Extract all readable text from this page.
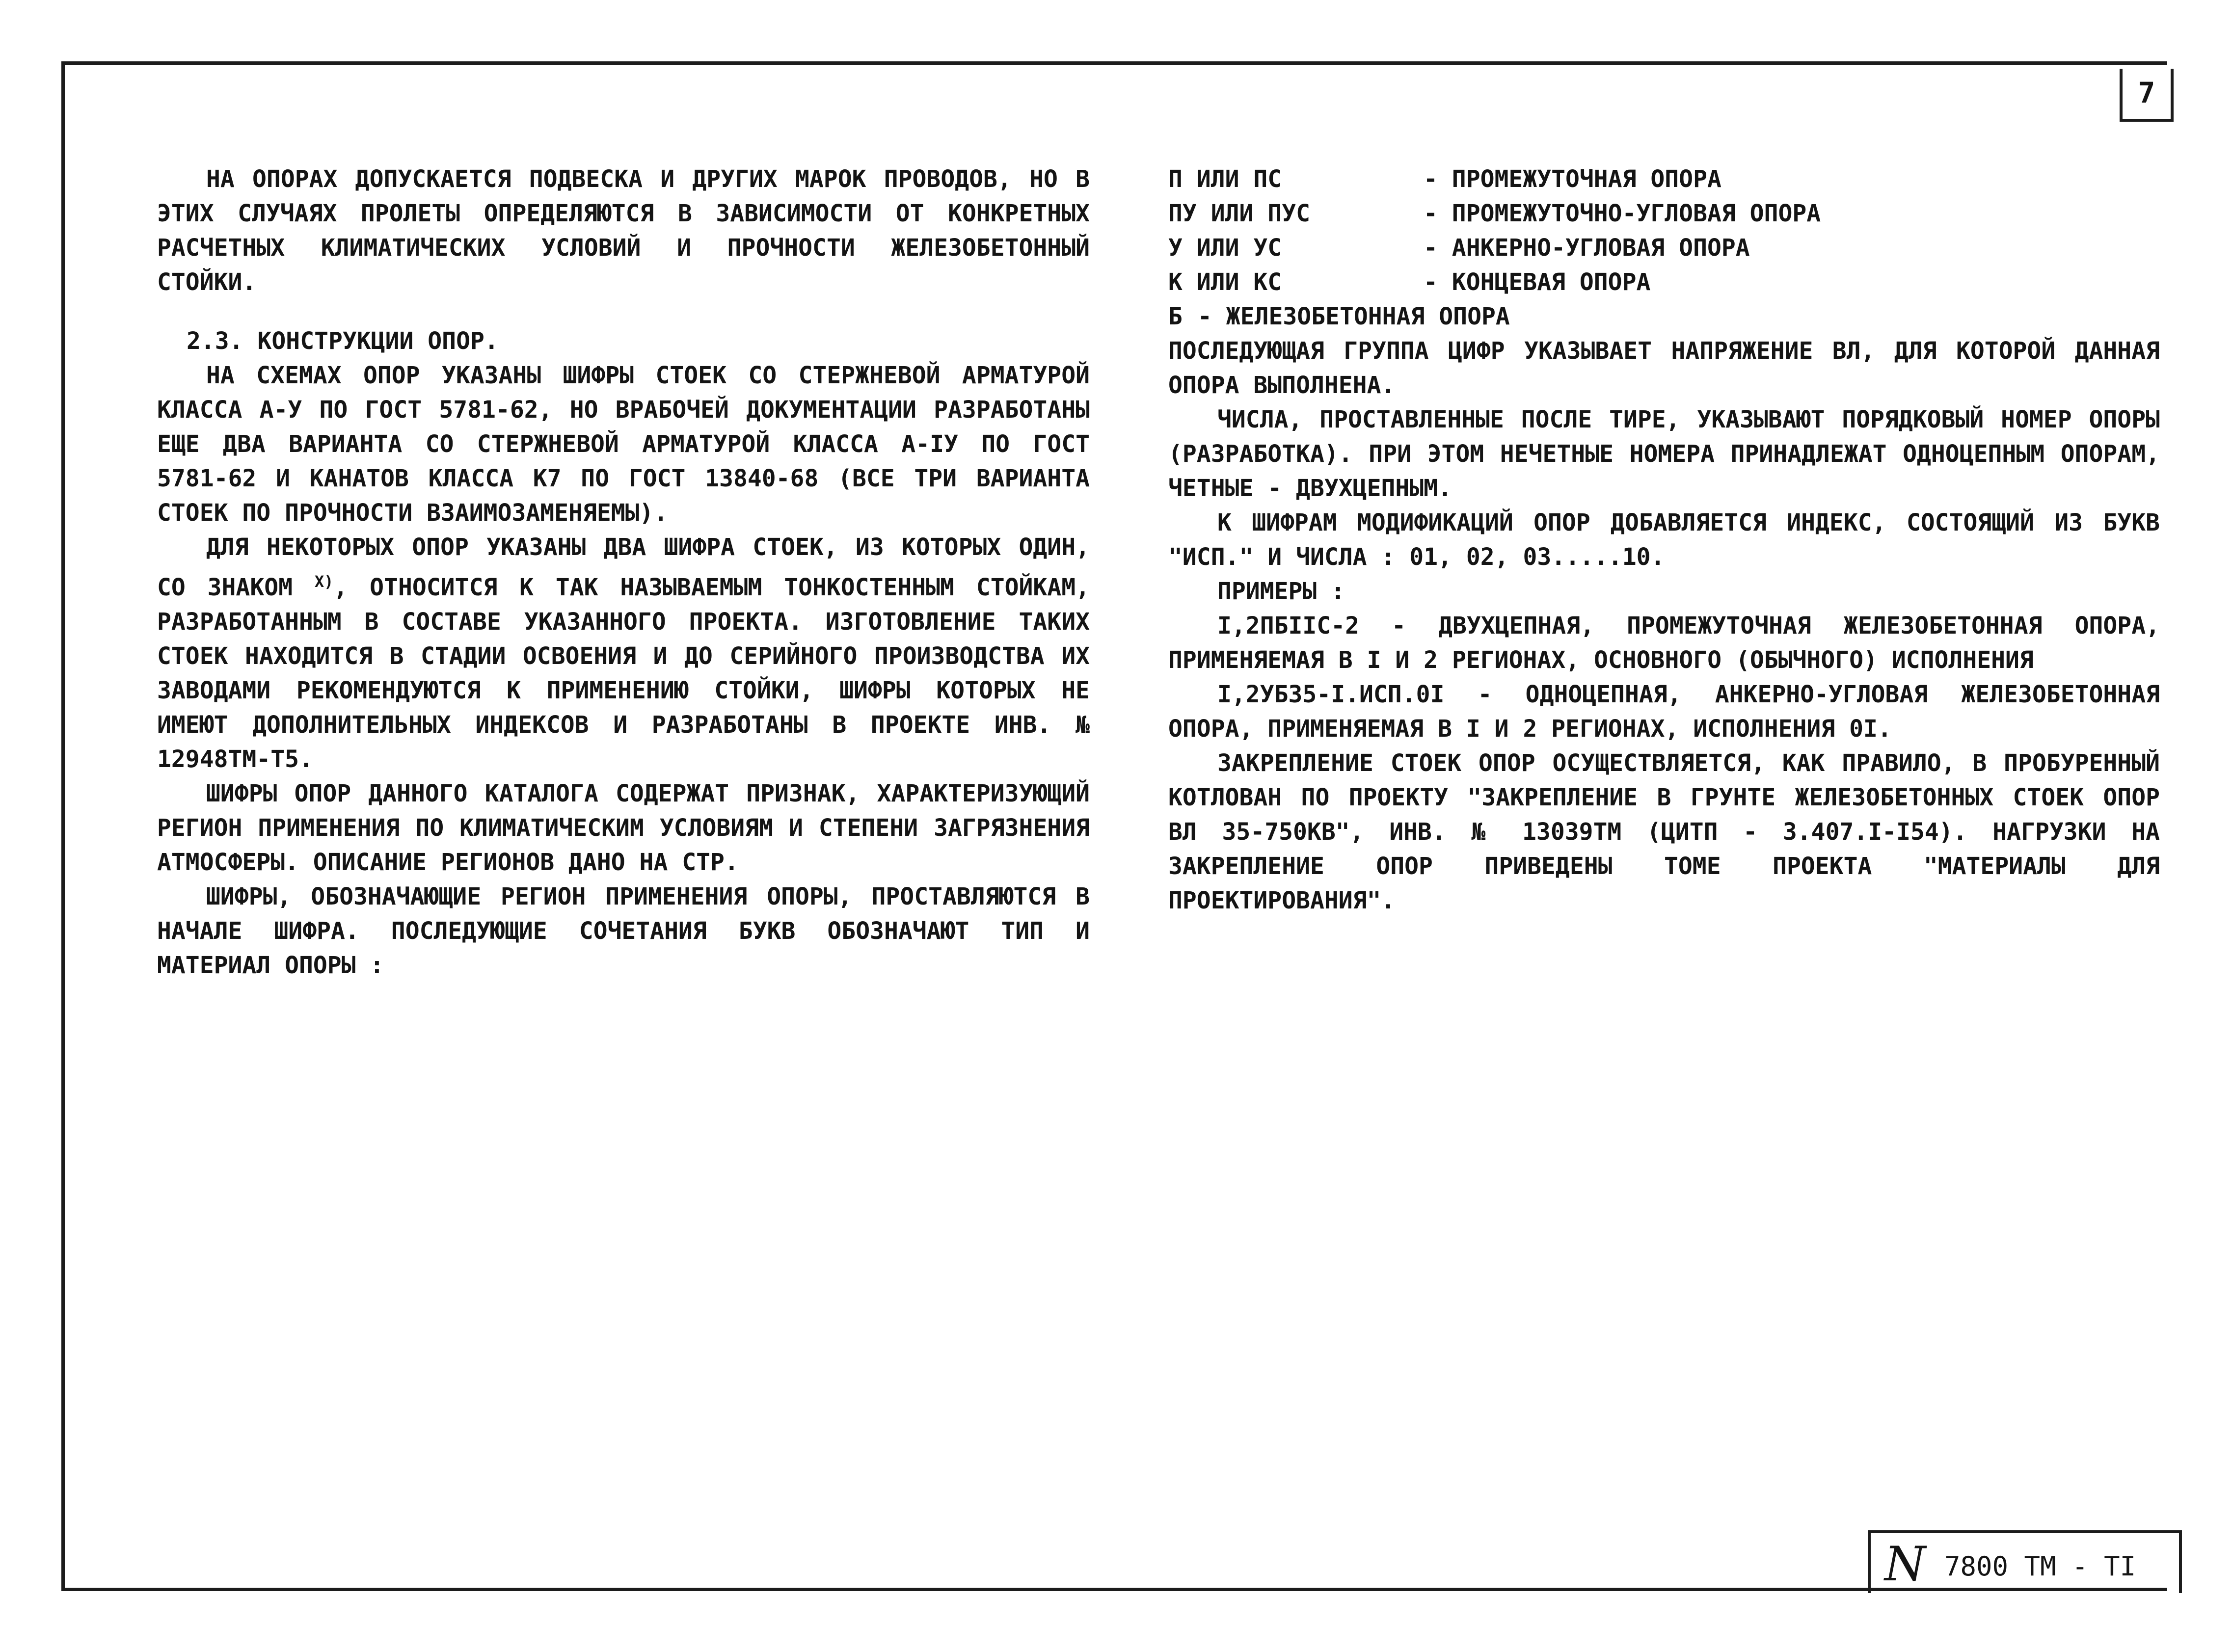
7

НА ОПОРАХ ДОПУСКАЕТСЯ ПОДВЕСКА И ДРУГИХ МАРОК ПРОВОДОВ, НО В ЭТИХ СЛУЧАЯХ ПРОЛЕТЫ ОПРЕДЕЛЯЮТСЯ В ЗАВИСИМОСТИ ОТ КОНКРЕТНЫХ РАСЧЕТНЫХ КЛИМАТИЧЕСКИХ УСЛОВИЙ И ПРОЧНОСТИ ЖЕЛЕЗОБЕТОННЫЙ СТОЙКИ.

2.3. КОНСТРУКЦИИ ОПОР.

НА СХЕМАХ ОПОР УКАЗАНЫ ШИФРЫ СТОЕК СО СТЕРЖНЕВОЙ АРМАТУРОЙ КЛАССА А-У ПО ГОСТ 5781-62, НО ВРАБОЧЕЙ ДОКУМЕНТАЦИИ РАЗРАБОТАНЫ ЕЩЕ ДВА ВАРИАНТА СО СТЕРЖНЕВОЙ АРМАТУРОЙ КЛАССА А-IУ ПО ГОСТ 5781-62 И КАНАТОВ КЛАССА К7 ПО ГОСТ 13840-68 (ВСЕ ТРИ ВАРИАНТА СТОЕК ПО ПРОЧНОСТИ ВЗАИМОЗАМЕНЯЕМЫ).

ДЛЯ НЕКОТОРЫХ ОПОР УКАЗАНЫ ДВА ШИФРА СТОЕК, ИЗ КОТОРЫХ ОДИН, СО ЗНАКОМ $^{X)}$, ОТНОСИТСЯ К ТАК НАЗЫВАЕМЫМ ТОНКОСТЕННЫМ СТОЙКАМ, РАЗРАБОТАННЫМ В СОСТАВЕ УКАЗАННОГО ПРОЕКТА. ИЗГОТОВЛЕНИЕ ТАКИХ СТОЕК НАХОДИТСЯ В СТАДИИ ОСВОЕНИЯ И ДО СЕРИЙНОГО ПРОИЗВОДСТВА ИХ ЗАВОДАМИ РЕКОМЕНДУЮТСЯ К ПРИМЕНЕНИЮ СТОЙКИ, ШИФРЫ КОТОРЫХ НЕ ИМЕЮТ ДОПОЛНИТЕЛЬНЫХ ИНДЕКСОВ И РАЗРАБОТАНЫ В ПРОЕКТЕ ИНВ. № 12948ТМ-Т5.

ШИФРЫ ОПОР ДАННОГО КАТАЛОГА СОДЕРЖАТ ПРИЗНАК, ХАРАКТЕРИЗУЮЩИЙ РЕГИОН ПРИМЕНЕНИЯ ПО КЛИМАТИЧЕСКИМ УСЛОВИЯМ И СТЕПЕНИ ЗАГРЯЗНЕНИЯ АТМОСФЕРЫ. ОПИСАНИЕ РЕГИОНОВ ДАНО НА СТР.

ШИФРЫ, ОБОЗНАЧАЮЩИЕ РЕГИОН ПРИМЕНЕНИЯ ОПОРЫ, ПРОСТАВЛЯЮТСЯ В НАЧАЛЕ ШИФРА. ПОСЛЕДУЮЩИЕ СОЧЕТАНИЯ БУКВ ОБОЗНАЧАЮТ ТИП И МАТЕРИАЛ ОПОРЫ :

П ИЛИ ПС	- ПРОМЕЖУТОЧНАЯ ОПОРА

ПУ ИЛИ ПУС	- ПРОМЕЖУТОЧНО-УГЛОВАЯ ОПОРА

У ИЛИ УС	- АНКЕРНО-УГЛОВАЯ ОПОРА

К ИЛИ КС	- КОНЦЕВАЯ ОПОРА

Б - ЖЕЛЕЗОБЕТОННАЯ ОПОРА

ПОСЛЕДУЮЩАЯ ГРУППА ЦИФР УКАЗЫВАЕТ НАПРЯЖЕНИЕ ВЛ, ДЛЯ КОТОРОЙ ДАННАЯ ОПОРА ВЫПОЛНЕНА.

ЧИСЛА, ПРОСТАВЛЕННЫЕ ПОСЛЕ ТИРЕ, УКАЗЫВАЮТ ПОРЯДКОВЫЙ НОМЕР ОПОРЫ (РАЗРАБОТКА). ПРИ ЭТОМ НЕЧЕТНЫЕ НОМЕРА ПРИНАДЛЕЖАТ ОДНОЦЕПНЫМ ОПОРАМ, ЧЕТНЫЕ - ДВУХЦЕПНЫМ.

К ШИФРАМ МОДИФИКАЦИЙ ОПОР ДОБАВЛЯЕТСЯ ИНДЕКС, СОСТОЯЩИЙ ИЗ БУКВ "ИСП." И ЧИСЛА : 01, 02, 03.....10.

ПРИМЕРЫ :

I,2ПБIIС-2 - ДВУХЦЕПНАЯ, ПРОМЕЖУТОЧНАЯ ЖЕЛЕЗОБЕТОННАЯ ОПОРА, ПРИМЕНЯЕМАЯ В I И 2 РЕГИОНАХ, ОСНОВНОГО (ОБЫЧНОГО) ИСПОЛНЕНИЯ

I,2УБ35-I.ИСП.0I - ОДНОЦЕПНАЯ, АНКЕРНО-УГЛОВАЯ ЖЕЛЕЗОБЕТОННАЯ ОПОРА, ПРИМЕНЯЕМАЯ В I И 2 РЕГИОНАХ, ИСПОЛНЕНИЯ 0I.

ЗАКРЕПЛЕНИЕ СТОЕК ОПОР ОСУЩЕСТВЛЯЕТСЯ, КАК ПРАВИЛО, В ПРОБУРЕННЫЙ КОТЛОВАН ПО ПРОЕКТУ "ЗАКРЕПЛЕНИЕ В ГРУНТЕ ЖЕЛЕЗОБЕТОННЫХ СТОЕК ОПОР ВЛ 35-750КВ", ИНВ. № 13039ТМ (ЦИТП - 3.407.I-I54). НАГРУЗКИ НА ЗАКРЕПЛЕНИЕ ОПОР ПРИВЕДЕНЫ ТОМЕ ПРОЕКТА "МАТЕРИАЛЫ ДЛЯ ПРОЕКТИРОВАНИЯ".

N 7800 ТМ - ТI
